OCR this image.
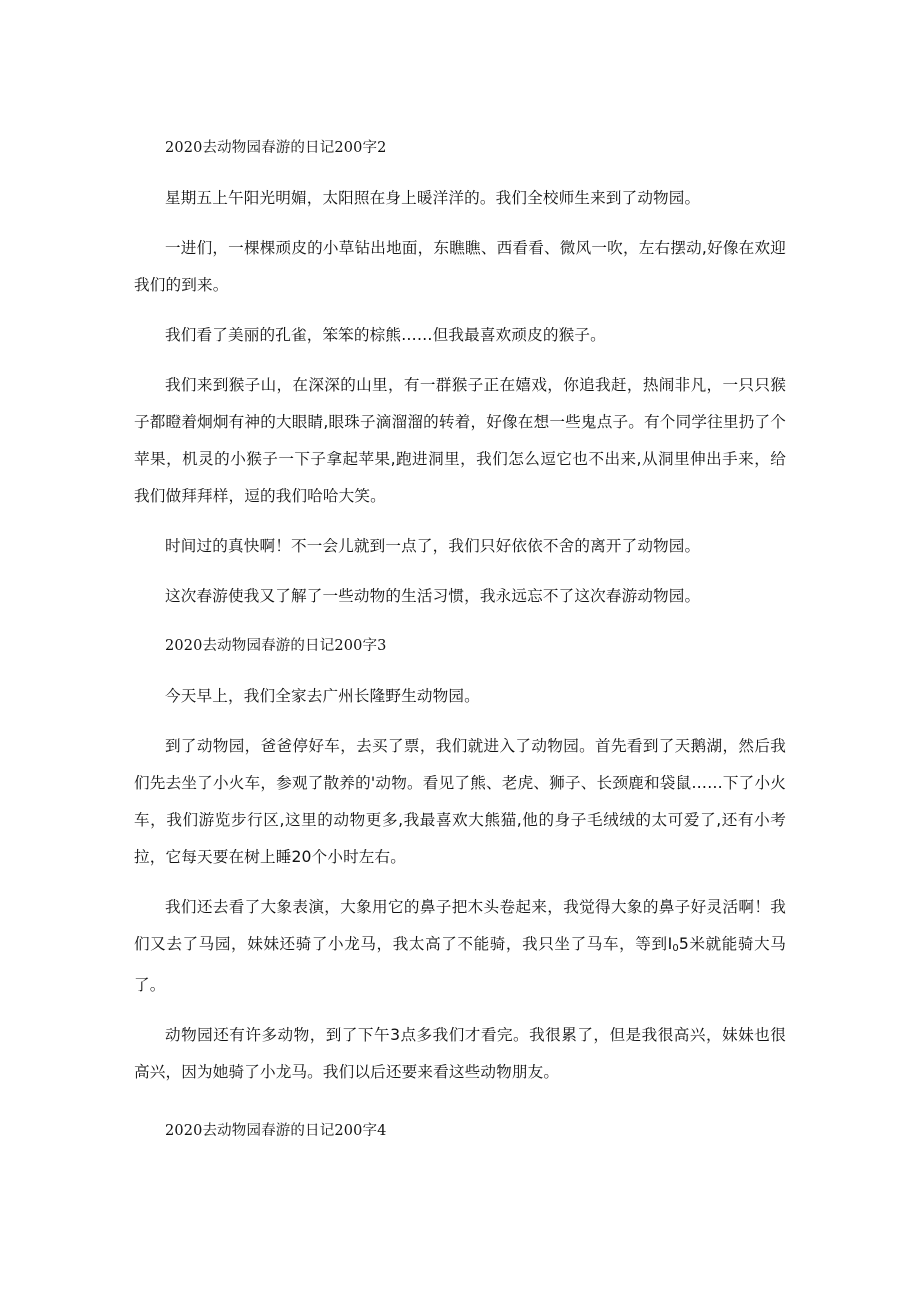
2020去动物园春游的日记200字2

星期五上午阳光明媚，太阳照在身上暖洋洋的。我们全校师生来到了动物园。

一进们，一棵棵顽皮的小草钻出地面，东瞧瞧、西看看、微风一吹，左右摆动,好像在欢迎我们的到来。

我们看了美丽的孔雀，笨笨的棕熊……但我最喜欢顽皮的猴子。

我们来到猴子山，在深深的山里，有一群猴子正在嬉戏，你追我赶，热闹非凡，一只只猴子都瞪着炯炯有神的大眼睛,眼珠子滴溜溜的转着，好像在想一些鬼点子。有个同学往里扔了个苹果，机灵的小猴子一下子拿起苹果,跑进洞里，我们怎么逗它也不出来,从洞里伸出手来，给我们做拜拜样，逗的我们哈哈大笑。

时间过的真快啊！不一会儿就到一点了，我们只好依依不舍的离开了动物园。

这次春游使我又了解了一些动物的生活习惯，我永远忘不了这次春游动物园。

2020去动物园春游的日记200字3

今天早上，我们全家去广州长隆野生动物园。

到了动物园，爸爸停好车，去买了票，我们就进入了动物园。首先看到了天鹅湖，然后我们先去坐了小火车，参观了散养的'动物。看见了熊、老虎、狮子、长颈鹿和袋鼠……下了小火车，我们游览步行区,这里的动物更多,我最喜欢大熊猫,他的身子毛绒绒的太可爱了,还有小考拉，它每天要在树上睡20个小时左右。

我们还去看了大象表演，大象用它的鼻子把木头卷起来，我觉得大象的鼻子好灵活啊！我们又去了马园，妹妹还骑了小龙马，我太高了不能骑，我只坐了马车，等到$I_05$米就能骑大马了。

动物园还有许多动物，到了下午3点多我们才看完。我很累了，但是我很高兴，妹妹也很高兴，因为她骑了小龙马。我们以后还要来看这些动物朋友。

2020去动物园春游的日记200字4
